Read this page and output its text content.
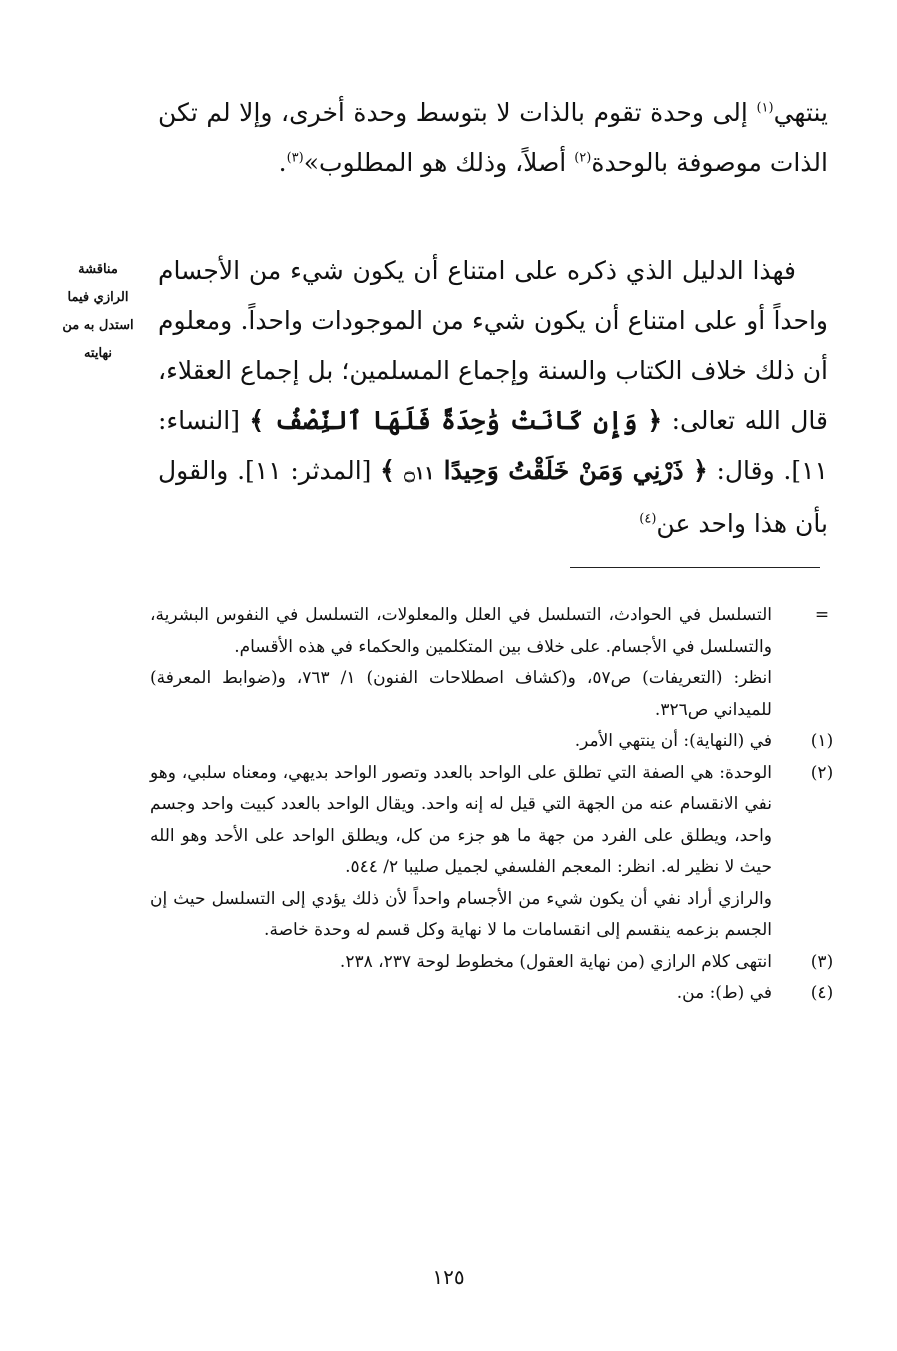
ينتهي$^{(١)}$ إلى وحدة تقوم بالذات لا بتوسط وحدة أخرى، وإلا لم تكن الذات موصوفة بالوحدة$^{(٢)}$ أصلاً، وذلك هو المطلوب»$^{(٣)}$.

مناقشة
الرازي فيما
استدل به من
نهايته

فهذا الدليل الذي ذكره على امتناع أن يكون شيء من الأجسام واحداً أو على امتناع أن يكون شيء من الموجودات واحداً. ومعلوم أن ذلك خلاف الكتاب والسنة وإجماع المسلمين؛ بل إجماع العقلاء، قال الله تعالى: ﴿ وَإِن كَانَتْ وَٰحِدَةً فَلَهَا ٱلنِّصْفُ ﴾ [النساء: ١١]. وقال: ﴿ ذَرْنِي وَمَنْ خَلَقْتُ وَحِيدًا ۝١١ ﴾ [المدثر: ١١]. والقول بأن هذا واحد عن$^{(٤)}$

=
التسلسل في الحوادث، التسلسل في العلل والمعلولات، التسلسل في النفوس البشرية، والتسلسل في الأجسام. على خلاف بين المتكلمين والحكماء في هذه الأقسام.
انظر: (التعريفات) ص٥٧، و(كشاف اصطلاحات الفنون) ١/ ٧٦٣، و(ضوابط المعرفة) للميداني ص٣٢٦.
(١)
في (النهاية): أن ينتهي الأمر.
(٢)
الوحدة: هي الصفة التي تطلق على الواحد بالعدد وتصور الواحد بديهي، ومعناه سلبي، وهو نفي الانقسام عنه من الجهة التي قيل له إنه واحد. ويقال الواحد بالعدد كبيت واحد وجسم واحد، ويطلق على الفرد من جهة ما هو جزء من كل، ويطلق الواحد على الأحد وهو الله حيث لا نظير له. انظر: المعجم الفلسفي لجميل صليبا ٢/ ٥٤٤.
والرازي أراد نفي أن يكون شيء من الأجسام واحداً لأن ذلك يؤدي إلى التسلسل حيث إن الجسم بزعمه ينقسم إلى انقسامات ما لا نهاية وكل قسم له وحدة خاصة.
(٣)
انتهى كلام الرازي (من نهاية العقول) مخطوط لوحة ٢٣٧، ٢٣٨.
(٤)
في (ط): من.
١٢٥
